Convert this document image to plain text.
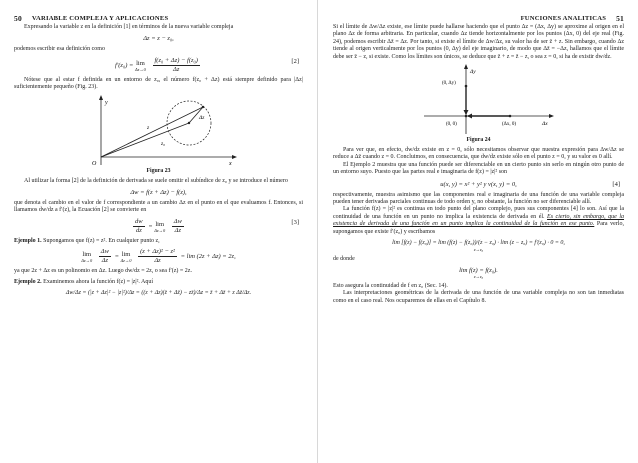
50 VARIABLE COMPLEJA Y APLICACIONES

Expresando la variable z en la definición [1] en términos de la nueva variable compleja

Δz = z − z₀,

podemos escribir esa definición como

f′(z₀) = lim
Δz→0
$\frac{\text{f(z₀ + Δz) − f(z₀)}}{\Delta z}$	[2]

Nótese que al estar f definida en un entorno de z₀, el número f(z₀ + Δz) está siempre definido para |Δz| suficientemente pequeño (Fig. 23).

y
x
O
z
Δz
z₀
Figura 23

Al utilizar la forma [2] de la definición de derivada se suele omitir el subíndice de z₀ y se introduce el número

Δw = f(z + Δz) − f(z),

que denota el cambio en el valor de f correspondiente a un cambio Δz en el punto en el que evaluamos f. Entonces, si llamamos dw/dz a f′(z), la Ecuación [2] se convierte en

$\frac{dw}{dz} = \lim$
Δz→0
$\frac{\Delta w}{\Delta z}$	[3]

Ejemplo 1. Supongamos que f(z) = z². En cualquier punto z,

lim
Δz→0
$\frac{\Delta w}{\Delta z} = \lim$
Δz→0
$\frac{\text{(z + Δz)² − z²}}{\Delta z} = \lim (2z + \Delta z) = 2z$,

ya que 2z + Δz es un polinomio en Δz. Luego dw/dz = 2z, o sea f′(z) = 2z.

Ejemplo 2. Examinemos ahora la función f(z) = |z|². Aquí

Δw/Δz = (|z + Δz|² − |z|²)/Δz = ((z + Δz)(z̄ + Δz̄) − zz̄)/Δz = z̄ + Δz̄ + z Δz̄/Δz.
FUNCIONES ANALITICAS 51

Si el límite de Δw/Δz existe, ese límite puede hallarse haciendo que el punto Δz = (Δx, Δy) se aproxime al origen en el plano Δz de forma arbitraria. En particular, cuando Δz tiende horizontalmente por los puntos (Δx, 0) del eje real (Fig. 24), podemos escribir Δz̄ = Δz. Por tanto, si existe el límite de Δw/Δz, su valor ha de ser z̄ + z. Sin embargo, cuando Δz tiende al origen verticalmente por los puntos (0, Δy) del eje imaginario, de modo que Δz̄ = −Δz, hallamos que el límite debe ser z̄ − z, si existe. Como los límites son únicos, se deduce que z̄ + z = z̄ − z, o sea z = 0, si ha de existir dw/dz.

Δy
(0, Δy)
(0, 0)	(Δx, 0)	Δx
Figura 24

Para ver que, en efecto, dw/dz existe en z = 0, sólo necesitamos observar que nuestra expresión para Δw/Δz se reduce a Δz̄ cuando z = 0. Concluimos, en consecuencia, que dw/dz existe sólo en el punto z = 0, y su valor es 0 allí.

El Ejemplo 2 muestra que una función puede ser diferenciable en un cierto punto sin serlo en ningún otro punto de un entorno suyo. Puesto que las partes real e imaginaria de f(z) = |z|² son

u(x, y) = x² + y² y v(x, y) = 0,	[4]

respectivamente, muestra asimismo que las componentes real e imaginaria de una función de una variable compleja pueden tener derivadas parciales continuas de todo orden y, no obstante, la función no ser diferenciable allí.

La función f(z) = |z|² es continua en todo punto del plano complejo, pues sus componentes [4] lo son. Así que la continuidad de una función en un punto no implica la existencia de derivada en él. Es cierto, sin embargo, que la existencia de derivada de una función en un punto implica la continuidad de la función en ese punto. Para verlo, supongamos que existe f′(z₀) y escribamos

lim [f(z) − f(z₀)] = lim (f(z) − f(z₀))/(z − z₀) · lim (z − z₀) = f′(z₀) · 0 = 0,
z→z₀

de donde

lim f(z) = f(z₀).
z→z₀

Esto asegura la continuidad de f en z₀ (Sec. 14).

Las interpretaciones geométricas de la derivada de una función de una variable compleja no son tan inmediatas como en el caso real. Nos ocuparemos de ellas en el Capítulo 8.
